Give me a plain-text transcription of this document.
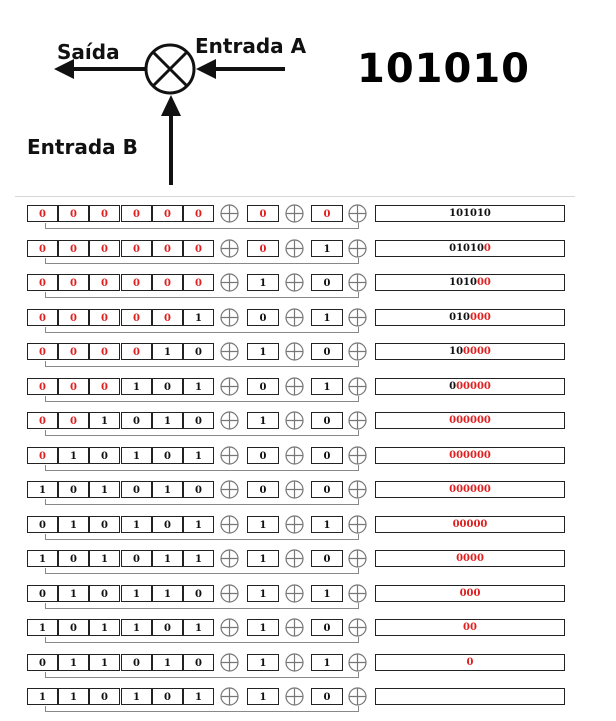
Saída	Entrada A
Entrada B
101010
0	0	0	0	0	0	0	0	101010
0	0	0	0	0	0	0	1	010100
0	0	0	0	0	0	1	0	101000
0	0	0	0	0	1	0	1	010000
0	0	0	0	1	0	1	0	100000
0	0	0	1	0	1	0	1	000000
0	0	1	0	1	0	1	0	000000
0	1	0	1	0	1	0	0	000000
1	0	1	0	1	0	0	0	000000
0	1	0	1	0	1	1	1	00000
1	0	1	0	1	1	1	0	0000
0	1	0	1	1	0	1	1	000
1	0	1	1	0	1	1	0	00
0	1	1	0	1	0	1	1	0
1	1	0	1	0	1	1	0
